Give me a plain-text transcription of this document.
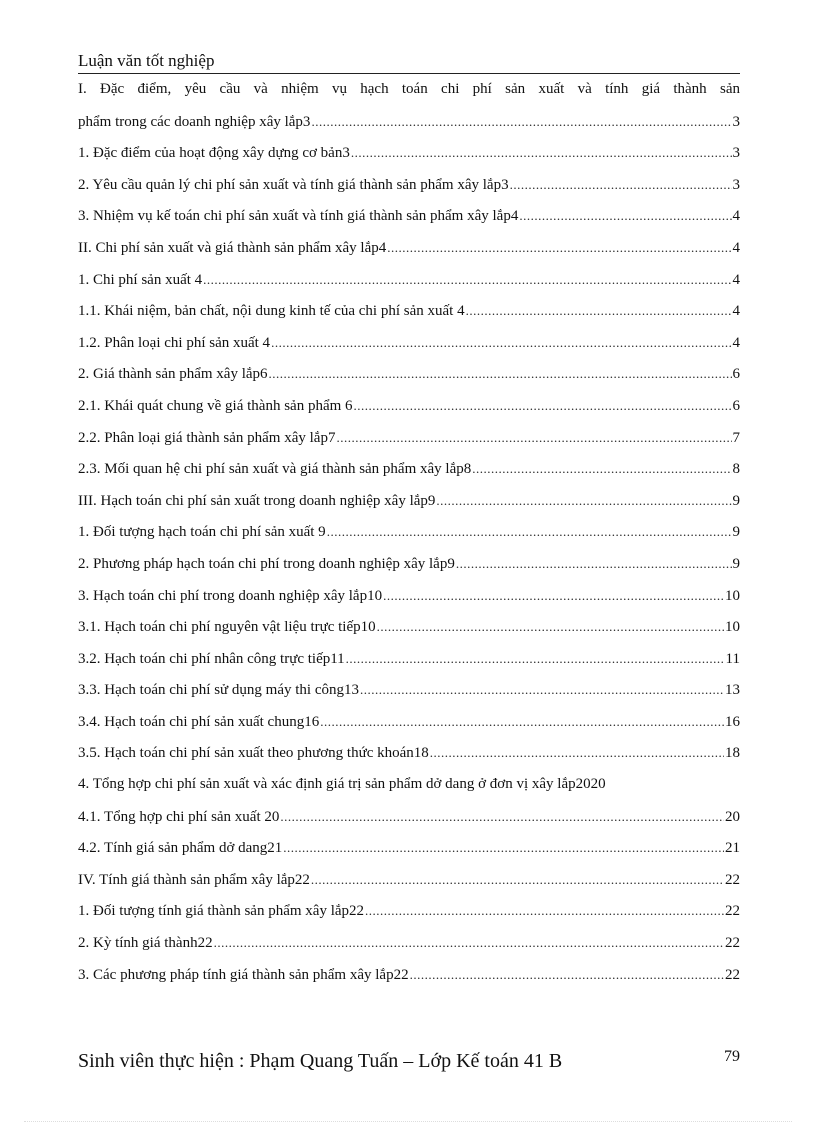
Luận văn tốt nghiệp
I. Đặc điểm, yêu cầu và nhiệm vụ hạch toán chi phí sản xuất và tính giá thành sản
phẩm trong các doanh nghiệp xây lắp3 .....	3
1. Đặc điểm của hoạt động xây dựng cơ bản3 .....	3
2. Yêu cầu quản lý chi phí sản xuất và tính giá thành sản phẩm xây lắp3 .....	3
3. Nhiệm vụ kế toán chi phí sản xuất và tính giá thành sản phẩm xây lắp4 .....	4
II. Chi phí sản xuất và giá thành sản phẩm xây lắp4 .....	4
1. Chi phí sản xuất 4 .....	4
1.1. Khái niệm, bản chất, nội dung kinh tế của chi phí sản xuất 4 .....	4
1.2. Phân loại chi phí sản xuất 4 .....	4
2. Giá thành sản phẩm xây lắp6 .....	6
2.1. Khái quát chung về giá thành sản phẩm 6 .....	6
2.2. Phân loại giá thành sản phẩm xây lắp7 .....	7
2.3. Mối quan hệ chi phí sản xuất và giá thành sản phẩm xây lắp8 .....	8
III. Hạch toán chi phí sản xuất trong doanh nghiệp xây lắp9 .....	9
1. Đối tượng hạch toán chi phí sản xuất 9 .....	9
2. Phương pháp hạch toán chi phí trong doanh nghiệp xây lắp9 .....	9
3. Hạch toán chi phí trong doanh nghiệp xây lắp10 .....	10
3.1. Hạch toán chi phí nguyên vật liệu trực tiếp10 .....	10
3.2. Hạch toán chi phí nhân công trực tiếp11 .....	11
3.3. Hạch toán chi phí sử dụng máy thi công13 .....	13
3.4. Hạch toán chi phí sản xuất chung16 .....	16
3.5. Hạch toán chi phí sản xuất theo phương thức khoán18 .....	18
4. Tổng hợp chi phí sản xuất và xác định giá trị sản phẩm dở dang ở đơn vị xây lắp20 20
4.1. Tổng hợp chi phí sản xuất 20 .....	20
4.2. Tính giá sản phẩm dở dang21 .....	21
IV. Tính giá thành sản phẩm xây lắp22 .....	22
1. Đối tượng tính giá thành sản phẩm xây lắp22 .....	22
2. Kỳ tính giá thành22 .....	22
3. Các phương pháp tính giá thành sản phẩm xây lắp22 .....	22
Sinh viên thực hiện : Phạm Quang Tuấn – Lớp Kế toán 41 B	79
